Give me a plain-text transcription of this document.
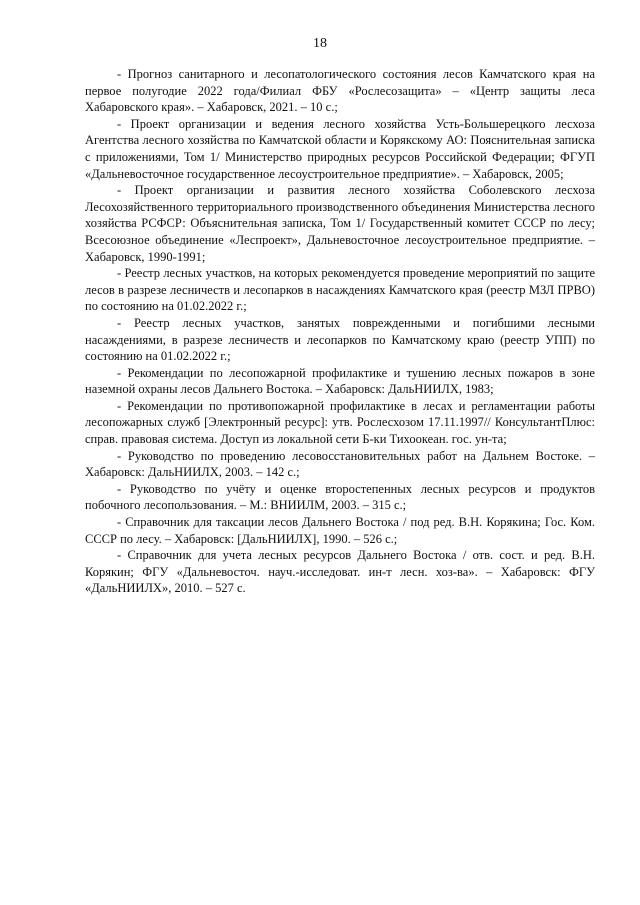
18

- Прогноз санитарного и лесопатологического состояния лесов Камчатского края на первое полугодие 2022 года/Филиал ФБУ «Рослесозащита» – «Центр защиты леса Хабаровского края». – Хабаровск, 2021. – 10 с.;

- Проект организации и ведения лесного хозяйства Усть-Большерецкого лесхоза Агентства лесного хозяйства по Камчатской области и Корякскому АО: Пояснительная записка с приложениями, Том 1/ Министерство природных ресурсов Российской Федерации; ФГУП «Дальневосточное государственное лесоустроительное предприятие». – Хабаровск, 2005;

- Проект организации и развития лесного хозяйства Соболевского лесхоза Лесохозяйственного территориального производственного объединения Министерства лесного хозяйства РСФСР: Объяснительная записка, Том 1/ Государственный комитет СССР по лесу; Всесоюзное объединение «Леспроект», Дальневосточное лесоустроительное предприятие. – Хабаровск, 1990-1991;

- Реестр лесных участков, на которых рекомендуется проведение мероприятий по защите лесов в разрезе лесничеств и лесопарков в насаждениях Камчатского края (реестр МЗЛ ПРВО) по состоянию на 01.02.2022 г.;

- Реестр лесных участков, занятых поврежденными и погибшими лесными насаждениями, в разрезе лесничеств и лесопарков по Камчатскому краю (реестр УПП) по состоянию на 01.02.2022 г.;

- Рекомендации по лесопожарной профилактике и тушению лесных пожаров в зоне наземной охраны лесов Дальнего Востока. – Хабаровск: ДальНИИЛХ, 1983;

- Рекомендации по противопожарной профилактике в лесах и регламентации работы лесопожарных служб [Электронный ресурс]: утв. Рослесхозом 17.11.1997// КонсультантПлюс: справ. правовая система. Доступ из локальной сети Б-ки Тихоокеан. гос. ун-та;

- Руководство по проведению лесовосстановительных работ на Дальнем Востоке. – Хабаровск: ДальНИИЛХ, 2003. – 142 с.;

- Руководство по учёту и оценке второстепенных лесных ресурсов и продуктов побочного лесопользования. – М.: ВНИИЛМ, 2003. – 315 с.;

- Справочник для таксации лесов Дальнего Востока / под ред. В.Н. Корякина; Гос. Ком. СССР по лесу. – Хабаровск: [ДальНИИЛХ], 1990. – 526 с.;

- Справочник для учета лесных ресурсов Дальнего Востока / отв. сост. и ред. В.Н. Корякин; ФГУ «Дальневосточ. науч.-исследоват. ин-т лесн. хоз-ва». – Хабаровск: ФГУ «ДальНИИЛХ», 2010. – 527 с.
